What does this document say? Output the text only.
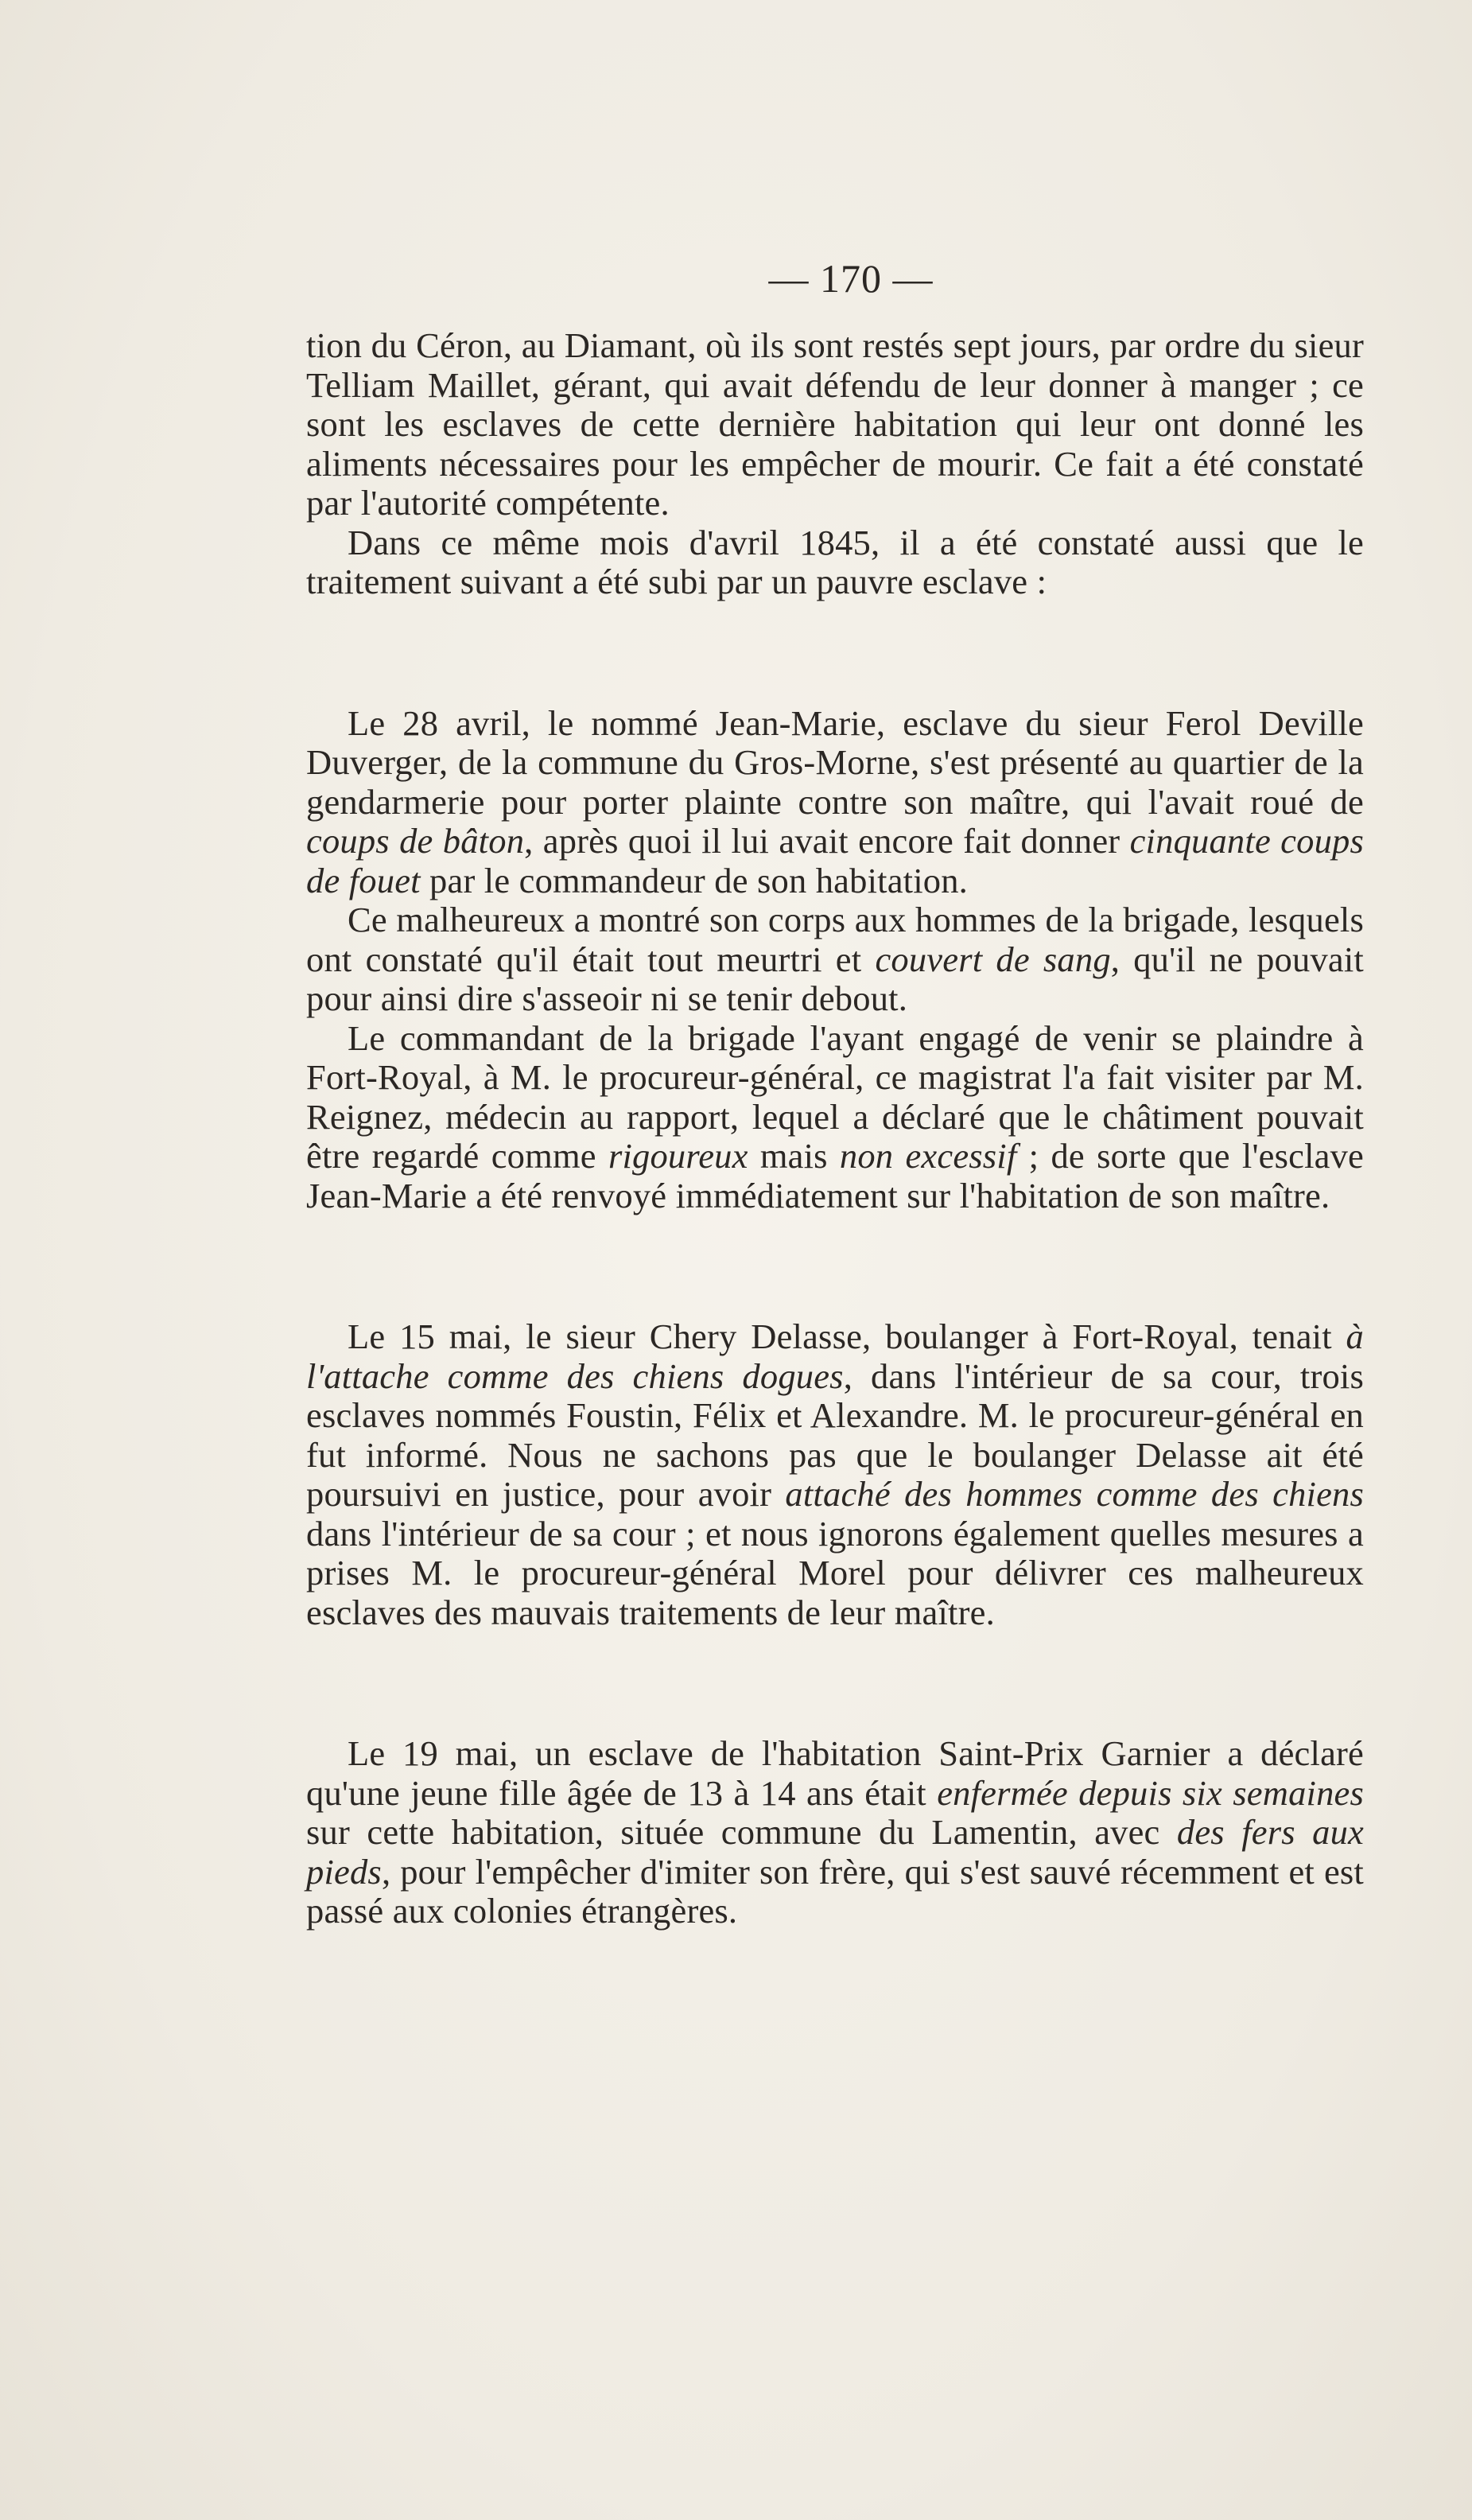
— 170 —

tion du Céron, au Diamant, où ils sont restés sept jours, par ordre du sieur Telliam Maillet, gérant, qui avait défendu de leur donner à manger ; ce sont les esclaves de cette dernière habitation qui leur ont donné les aliments nécessaires pour les empêcher de mourir. Ce fait a été constaté par l'autorité compétente.

Dans ce même mois d'avril 1845, il a été constaté aussi que le traitement suivant a été subi par un pauvre esclave :

Le 28 avril, le nommé Jean-Marie, esclave du sieur Ferol Deville Duverger, de la commune du Gros-Morne, s'est présenté au quartier de la gendarmerie pour porter plainte contre son maître, qui l'avait roué de coups de bâton, après quoi il lui avait encore fait donner cinquante coups de fouet par le commandeur de son habitation.

Ce malheureux a montré son corps aux hommes de la brigade, lesquels ont constaté qu'il était tout meurtri et couvert de sang, qu'il ne pouvait pour ainsi dire s'asseoir ni se tenir debout.

Le commandant de la brigade l'ayant engagé de venir se plaindre à Fort-Royal, à M. le procureur-général, ce magistrat l'a fait visiter par M. Reignez, médecin au rapport, lequel a déclaré que le châtiment pouvait être regardé comme rigoureux mais non excessif ; de sorte que l'esclave Jean-Marie a été renvoyé immédiatement sur l'habitation de son maître.

Le 15 mai, le sieur Chery Delasse, boulanger à Fort-Royal, tenait à l'attache comme des chiens dogues, dans l'intérieur de sa cour, trois esclaves nommés Foustin, Félix et Alexandre. M. le procureur-général en fut informé. Nous ne sachons pas que le boulanger Delasse ait été poursuivi en justice, pour avoir attaché des hommes comme des chiens dans l'intérieur de sa cour ; et nous ignorons également quelles mesures a prises M. le procureur-général Morel pour délivrer ces malheureux esclaves des mauvais traitements de leur maître.

Le 19 mai, un esclave de l'habitation Saint-Prix Garnier a déclaré qu'une jeune fille âgée de 13 à 14 ans était enfermée depuis six semaines sur cette habitation, située commune du Lamentin, avec des fers aux pieds, pour l'empêcher d'imiter son frère, qui s'est sauvé récemment et est passé aux colonies étrangères.
